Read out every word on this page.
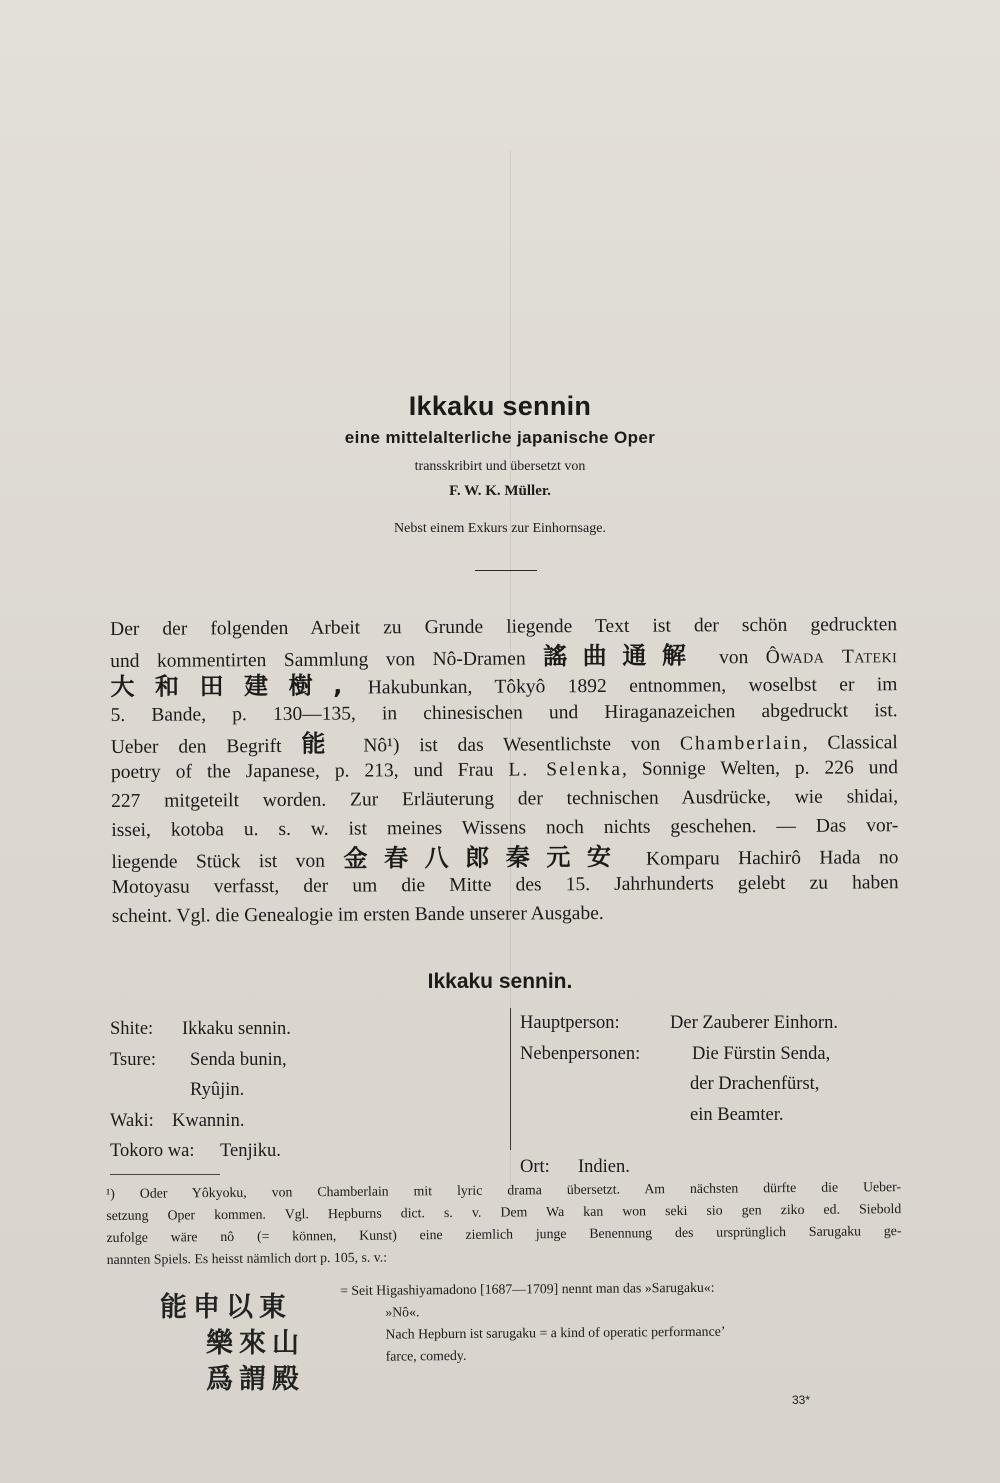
Ikkaku sennin
eine mittelalterliche japanische Oper
transskribirt und übersetzt von
F. W. K. Müller.
Nebst einem Exkurs zur Einhornsage.
Der der folgenden Arbeit zu Grunde liegende Text ist der schön gedruckten
und kommentirten Sammlung von Nô-Dramen 謠曲通解 von Ôwada Tateki
大和田建樹, Hakubunkan, Tôkyô 1892 entnommen, woselbst er im
5. Bande, p. 130—135, in chinesischen und Hiraganazeichen abgedruckt ist.
Ueber den Begrift 能 Nô¹) ist das Wesentlichste von Chamberlain, Classical
poetry of the Japanese, p. 213, und Frau L. Selenka, Sonnige Welten, p. 226 und
227 mitgeteilt worden. Zur Erläuterung der technischen Ausdrücke, wie shidai,
issei, kotoba u. s. w. ist meines Wissens noch nichts geschehen. — Das vor-
liegende Stück ist von 金春八郎秦元安 Komparu Hachirô Hada no
Motoyasu verfasst, der um die Mitte des 15. Jahrhunderts gelebt zu haben
scheint. Vgl. die Genealogie im ersten Bande unserer Ausgabe.
Ikkaku sennin.
Shite:	Ikkaku sennin.
Tsure:	Senda bunin,
Ryûjin.
Waki: Kwannin.
Tokoro wa:	Tenjiku.
Hauptperson:	Der Zauberer Einhorn.
Nebenpersonen:	Die Fürstin Senda,
der Drachenfürst,
ein Beamter.
Ort:	Indien.
¹) Oder Yôkyoku, von Chamberlain mit lyric drama übersetzt. Am nächsten dürfte die Ueber-
setzung Oper kommen. Vgl. Hepburns dict. s. v. Dem Wa kan won seki sio gen ziko ed. Siebold
zufolge wäre nô (= können, Kunst) eine ziemlich junge Benennung des ursprünglich Sarugaku ge-
nannten Spiels. Es heisst nämlich dort p. 105, s. v.:
能申以東
樂來山
爲謂殿
= Seit Higashiyamadono [1687—1709] nennt man das »Sarugaku«:
»Nô«.
Nach Hepburn ist sarugaku = a kind of operatic performance’
farce, comedy.
33*
